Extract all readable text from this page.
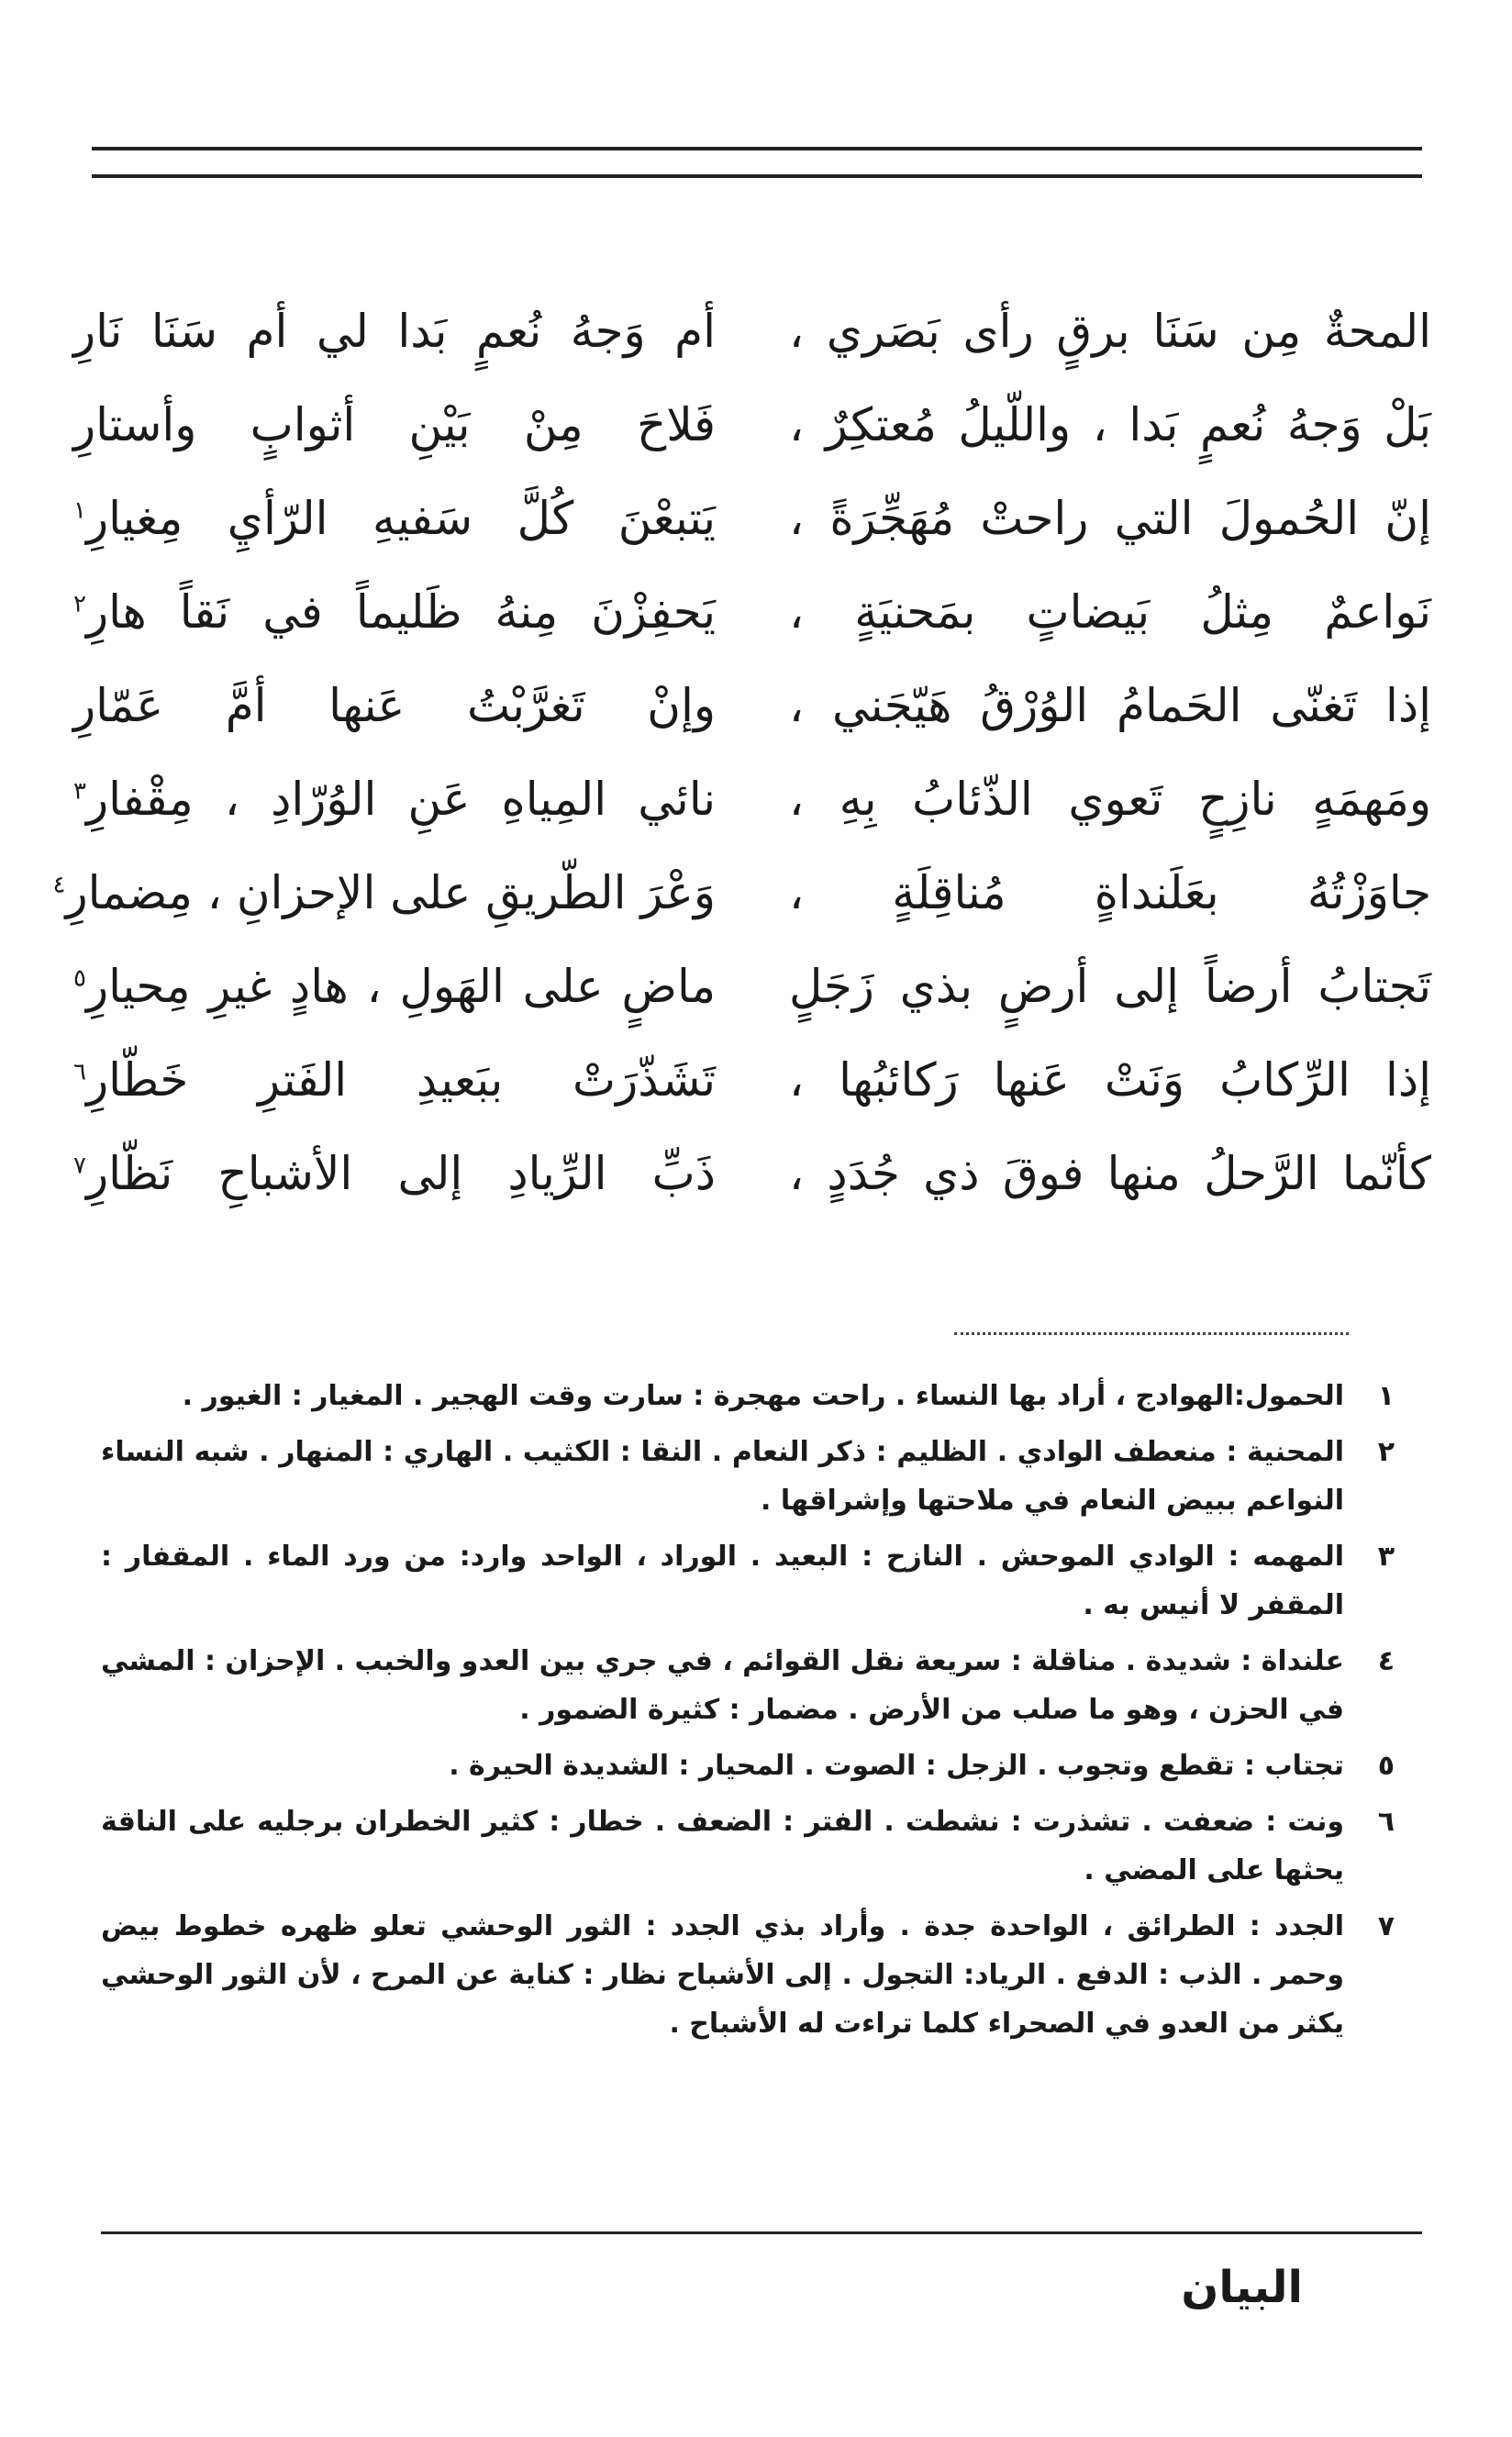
المحةٌ مِن سَنَا برقٍ رأى بَصَري ،
أم وَجهُ نُعمٍ بَدا لي أم سَنَا نَارِ
بَلْ وَجهُ نُعمٍ بَدا ، واللّيلُ مُعتكِرٌ ،
فَلاحَ مِنْ بَيْنِ أثوابٍ وأستارِ
إنّ الحُمولَ التي راحتْ مُهَجِّرَةً ،
يَتبعْنَ كُلَّ سَفيهِ الرّأيِ مِغيارِ$^١$
نَواعمٌ مِثلُ بَيضاتٍ بمَحنيَةٍ ،
يَحفِزْنَ مِنهُ ظَليماً في نَقاً هارِ$^٢$
إذا تَغنّى الحَمامُ الوُرْقُ هَيّجَني ،
وإنْ تَغرَّبْتُ عَنها أمَّ عَمّارِ
ومَهمَهٍ نازِحٍ تَعوي الذّئابُ بِهِ ،
نائي المِياهِ عَنِ الوُرّادِ ، مِقْفارِ$^٣$
جاوَزْتُهُ بعَلَنداةٍ مُناقِلَةٍ ،
وَعْرَ الطّريقِ على الإحزانِ ، مِضمارِ$^٤$
تَجتابُ أرضاً إلى أرضٍ بذي زَجَلٍ
ماضٍ على الهَولِ ، هادٍ غيرِ مِحيارِ$^٥$
إذا الرِّكابُ وَنَتْ عَنها رَكائبُها ،
تَشَذّرَتْ ببَعيدِ الفَترِ خَطّارِ$^٦$
كأنّما الرَّحلُ منها فوقَ ذي جُدَدٍ ،
ذَبِّ الرِّيادِ إلى الأشباحِ نَظّارِ$^٧$
١
الحمول:الهوادج ، أراد بها النساء . راحت مهجرة : سارت وقت الهجير . المغيار : الغيور .
٢
المحنية : منعطف الوادي . الظليم : ذكر النعام . النقا : الكثيب . الهاري : المنهار . شبه النساء النواعم ببيض النعام في ملاحتها وإشراقها .
٣
المهمه : الوادي الموحش . النازح : البعيد . الوراد ، الواحد وارد: من ورد الماء . المقفار : المقفر لا أنيس به .
٤
علنداة : شديدة . مناقلة : سريعة نقل القوائم ، في جري بين العدو والخبب . الإحزان : المشي في الحزن ، وهو ما صلب من الأرض . مضمار : كثيرة الضمور .
٥
تجتاب : تقطع وتجوب . الزجل : الصوت . المحيار : الشديدة الحيرة .
٦
ونت : ضعفت . تشذرت : نشطت . الفتر : الضعف . خطار : كثير الخطران برجليه على الناقة يحثها على المضي .
٧
الجدد : الطرائق ، الواحدة جدة . وأراد بذي الجدد : الثور الوحشي تعلو ظهره خطوط بيض وحمر . الذب : الدفع . الرياد: التجول . إلى الأشباح نظار : كناية عن المرح ، لأن الثور الوحشي يكثر من العدو في الصحراء كلما تراءت له الأشباح .
البيان
